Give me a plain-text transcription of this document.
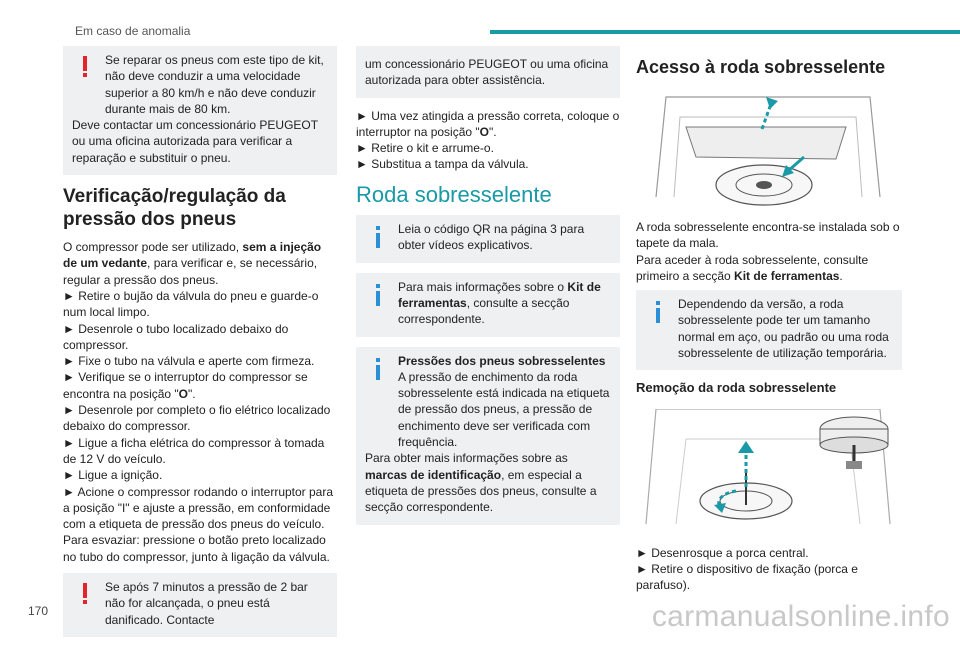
Em caso de anomalia

Se reparar os pneus com este tipo de kit, não deve conduzir a uma velocidade superior a 80 km/h e não deve conduzir durante mais de 80 km.

Deve contactar um concessionário PEUGEOT ou uma oficina autorizada para verificar a reparação e substituir o pneu.

Verificação/regulação da pressão dos pneus

O compressor pode ser utilizado, sem a injeção de um vedante, para verificar e, se necessário, regular a pressão dos pneus.

► Retire o bujão da válvula do pneu e guarde-o num local limpo.
► Desenrole o tubo localizado debaixo do compressor.
► Fixe o tubo na válvula e aperte com firmeza.
► Verifique se o interruptor do compressor se encontra na posição "O".
► Desenrole por completo o fio elétrico localizado debaixo do compressor.
► Ligue a ficha elétrica do compressor à tomada de 12 V do veículo.
► Ligue a ignição.
► Acione o compressor rodando o interruptor para a posição "I" e ajuste a pressão, em conformidade com a etiqueta de pressão dos pneus do veículo. Para esvaziar: pressione o botão preto localizado no tubo do compressor, junto à ligação da válvula.

Se após 7 minutos a pressão de 2 bar não for alcançada, o pneu está danificado. Contacte

um concessionário PEUGEOT ou uma oficina autorizada para obter assistência.

► Uma vez atingida a pressão correta, coloque o interruptor na posição "O".
► Retire o kit e arrume-o.
► Substitua a tampa da válvula.
Roda sobresselente

Leia o código QR na página 3 para obter vídeos explicativos.

Para mais informações sobre o Kit de ferramentas, consulte a secção correspondente.

Pressões dos pneus sobresselentes

A pressão de enchimento da roda sobresselente está indicada na etiqueta de pressão dos pneus, a pressão de enchimento deve ser verificada com frequência.

Para obter mais informações sobre as marcas de identificação, em especial a etiqueta de pressões dos pneus, consulte a secção correspondente.

Acesso à roda sobresselente

A roda sobresselente encontra-se instalada sob o tapete da mala.

Para aceder à roda sobresselente, consulte primeiro a secção Kit de ferramentas.

Dependendo da versão, a roda sobresselente pode ter um tamanho normal em aço, ou padrão ou uma roda sobresselente de utilização temporária.

Remoção da roda sobresselente
► Desenrosque a porca central.
► Retire o dispositivo de fixação (porca e parafuso).
170	carmanualsonline.info
